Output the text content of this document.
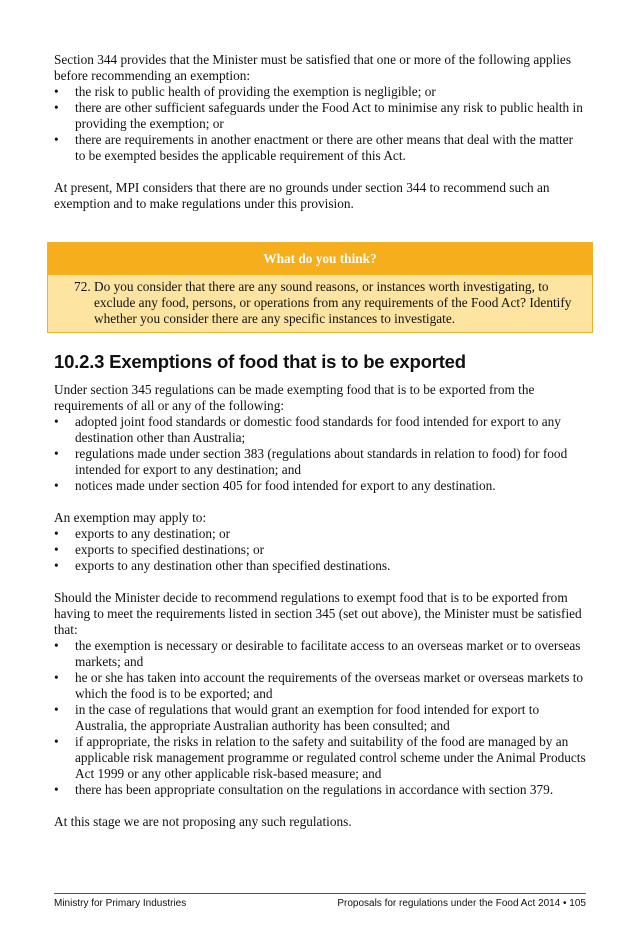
Section 344 provides that the Minister must be satisfied that one or more of the following applies before recommending an exemption:

• the risk to public health of providing the exemption is negligible; or
• there are other sufficient safeguards under the Food Act to minimise any risk to public health in providing the exemption; or
• there are requirements in another enactment or there are other means that deal with the matter to be exempted besides the applicable requirement of this Act.

At present, MPI considers that there are no grounds under section 344 to recommend such an exemption and to make regulations under this provision.

What do you think?
72. Do you consider that there are any sound reasons, or instances worth investigating, to exclude any food, persons, or operations from any requirements of the Food Act? Identify whether you consider there are any specific instances to investigate.
10.2.3 Exemptions of food that is to be exported

Under section 345 regulations can be made exempting food that is to be exported from the requirements of all or any of the following:

• adopted joint food standards or domestic food standards for food intended for export to any destination other than Australia;
• regulations made under section 383 (regulations about standards in relation to food) for food intended for export to any destination; and
• notices made under section 405 for food intended for export to any destination.

An exemption may apply to:

• exports to any destination; or
• exports to specified destinations; or
• exports to any destination other than specified destinations.

Should the Minister decide to recommend regulations to exempt food that is to be exported from having to meet the requirements listed in section 345 (set out above), the Minister must be satisfied that:

• the exemption is necessary or desirable to facilitate access to an overseas market or to overseas markets; and
• he or she has taken into account the requirements of the overseas market or overseas markets to which the food is to be exported; and
• in the case of regulations that would grant an exemption for food intended for export to Australia, the appropriate Australian authority has been consulted; and
• if appropriate, the risks in relation to the safety and suitability of the food are managed by an applicable risk management programme or regulated control scheme under the Animal Products Act 1999 or any other applicable risk-based measure; and
• there has been appropriate consultation on the regulations in accordance with section 379.

At this stage we are not proposing any such regulations.

Ministry for Primary Industries	Proposals for regulations under the Food Act 2014 • 105
